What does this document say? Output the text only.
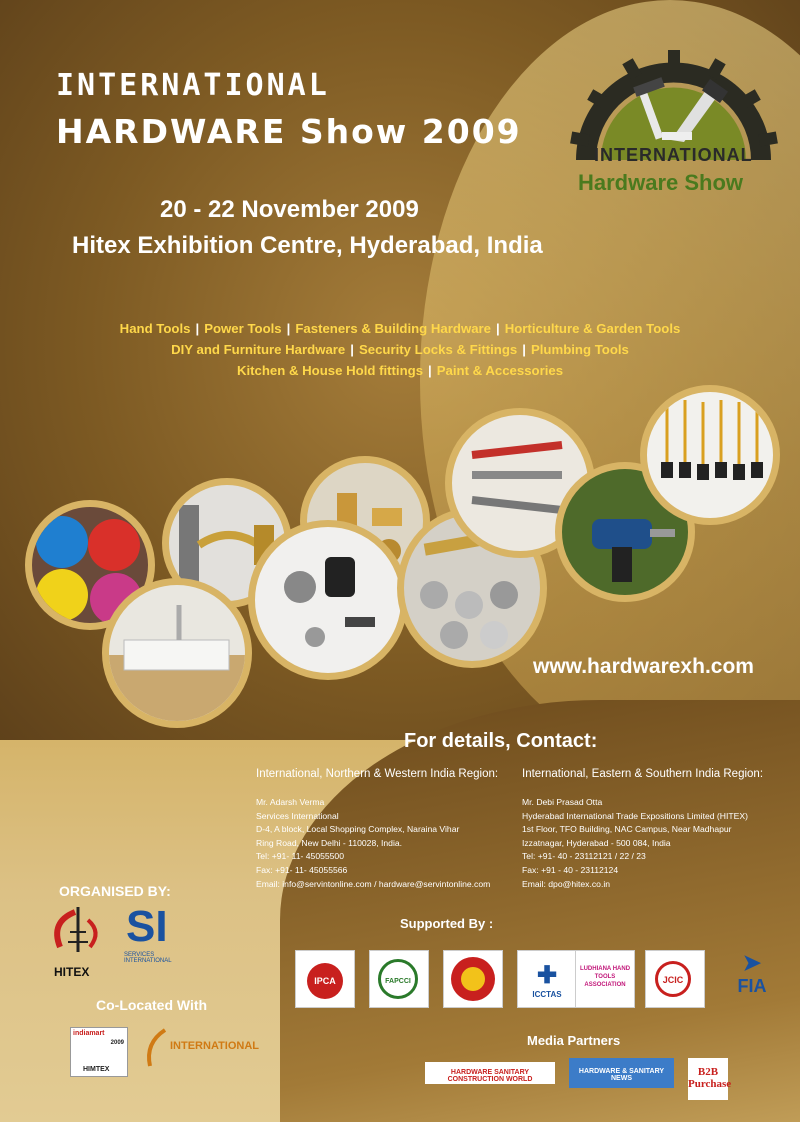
INTERNATIONAL
HARDWARE Show 2009
20 - 22 November 2009
Hitex Exhibition Centre, Hyderabad, India
INTERNATIONAL
Hardware Show
Hand Tools | Power Tools | Fasteners & Building Hardware | Horticulture & Garden Tools
DIY and Furniture Hardware | Security Locks & Fittings | Plumbing Tools
Kitchen & House Hold fittings | Paint & Accessories
www.hardwarexh.com
For details, Contact:
International, Northern & Western India Region: International, Eastern & Southern India Region:
Mr. Adarsh Verma
Services International
D-4, A block, Local Shopping Complex, Naraina Vihar
Ring Road, New Delhi - 110028, India.
Tel: +91- 11- 45055500
Fax: +91- 11- 45055566
Email: info@servintonline.com / hardware@servintonline.com
Mr. Debi Prasad Otta
Hyderabad International Trade Expositions Limited (HITEX)
1st Floor, TFO Building, NAC Campus, Near Madhapur
Izzatnagar, Hyderabad - 500 084, India
Tel: +91- 40 - 23112121 / 22 / 23
Fax: +91 - 40 - 23112124
Email: dpo@hitex.co.in
ORGANISED BY:
HITEX
SI
SERVICES INTERNATIONAL
Co-Located With
indiamart
2009
HIMTEX
INTERNATIONAL
Supported By :
IPCA	FAPCCI	✚
ICCTAS
LUDHIANA HAND TOOLS ASSOCIATION	JCIC
➤
FIA
Media Partners
HARDWARE SANITARY CONSTRUCTION WORLD
HARDWARE & SANITARY NEWS
B2B Purchase
